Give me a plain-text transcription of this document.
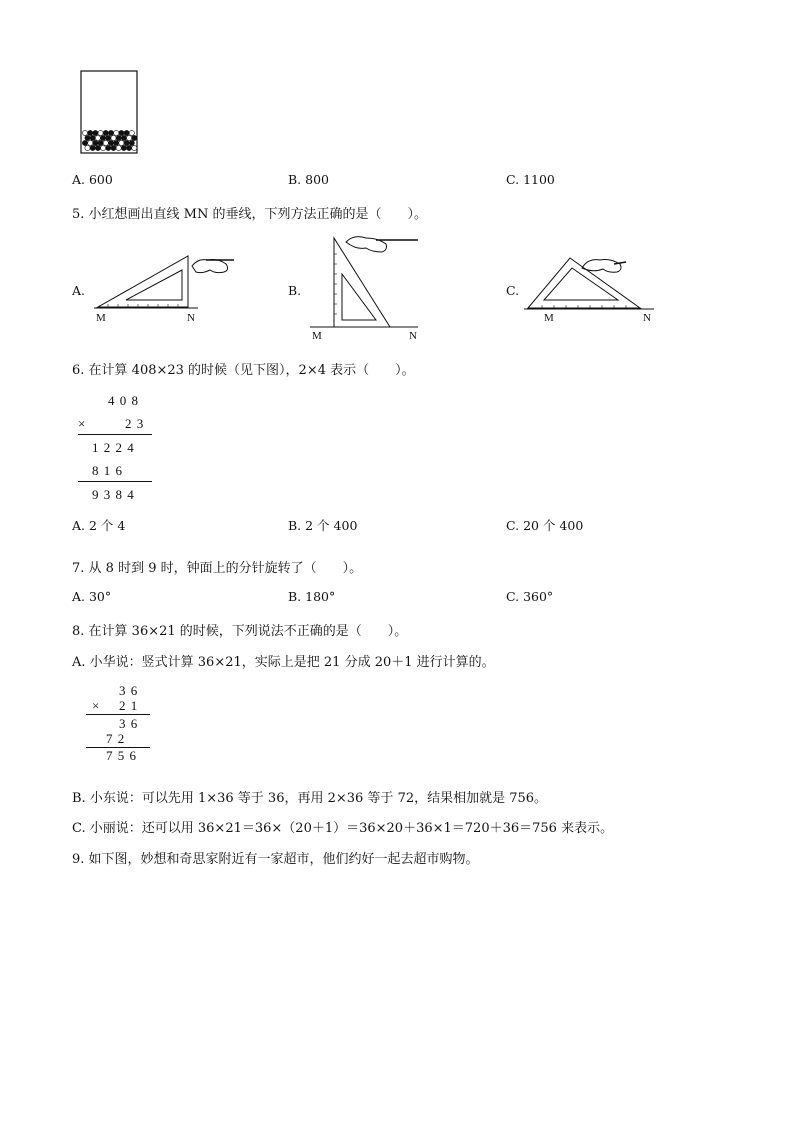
A. 600	B. 800	C. 1100
5. 小红想画出直线 MN 的垂线，下列方法正确的是（　　）。
A.	B.	C.
M	N
M	N
M	N
6. 在计算 408×23 的时候（见下图），2×4 表示（　　）。
4 0 8
×	2 3
1 2 2 4
8 1 6
9 3 8 4
A. 2 个 4	B. 2 个 400	C. 20 个 400
7. 从 8 时到 9 时，钟面上的分针旋转了（　　）。
A. 30°	B. 180°	C. 360°
8. 在计算 36×21 的时候，下列说法不正确的是（　　）。
A. 小华说：竖式计算 36×21，实际上是把 21 分成 20＋1 进行计算的。
3 6
× 2 1
3 6
7 2
7 5 6
B. 小东说：可以先用 1×36 等于 36，再用 2×36 等于 72，结果相加就是 756。
C. 小丽说：还可以用 36×21＝36×（20＋1）＝36×20＋36×1＝720＋36＝756 来表示。
9. 如下图，妙想和奇思家附近有一家超市，他们约好一起去超市购物。
